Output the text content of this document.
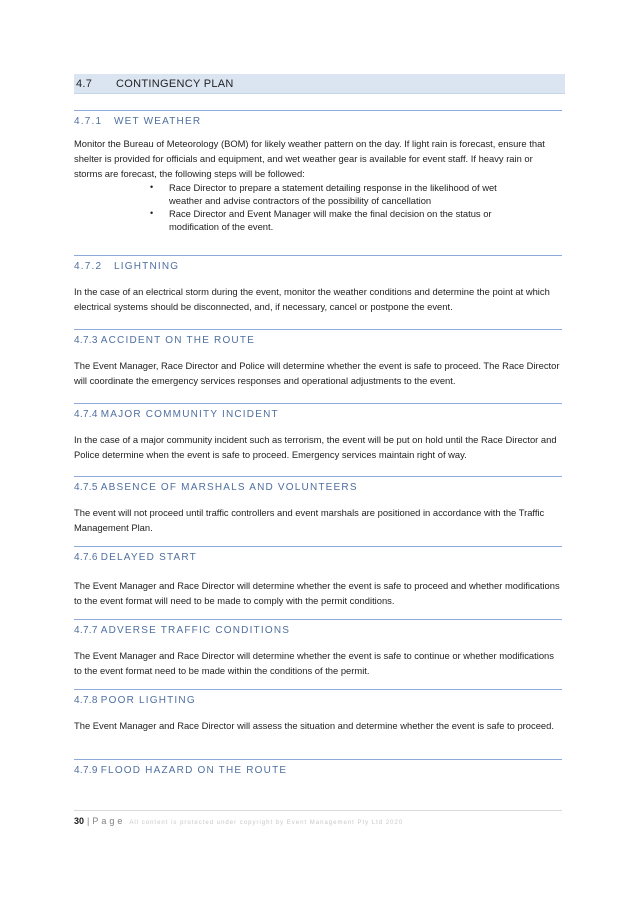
4.7 CONTINGENCY PLAN
4.7.1 WET WEATHER
Monitor the Bureau of Meteorology (BOM) for likely weather pattern on the day. If light rain is forecast, ensure that shelter is provided for officials and equipment, and wet weather gear is available for event staff. If heavy rain or storms are forecast, the following steps will be followed:
• Race Director to prepare a statement detailing response in the likelihood of wet weather and advise contractors of the possibility of cancellation
• Race Director and Event Manager will make the final decision on the status or modification of the event.
4.7.2 LIGHTNING
In the case of an electrical storm during the event, monitor the weather conditions and determine the point at which electrical systems should be disconnected, and, if necessary, cancel or postpone the event.
4.7.3 ACCIDENT ON THE ROUTE
The Event Manager, Race Director and Police will determine whether the event is safe to proceed. The Race Director will coordinate the emergency services responses and operational adjustments to the event.
4.7.4 MAJOR COMMUNITY INCIDENT
In the case of a major community incident such as terrorism, the event will be put on hold until the Race Director and Police determine when the event is safe to proceed. Emergency services maintain right of way.
4.7.5 ABSENCE OF MARSHALS AND VOLUNTEERS
The event will not proceed until traffic controllers and event marshals are positioned in accordance with the Traffic Management Plan.
4.7.6 DELAYED START
The Event Manager and Race Director will determine whether the event is safe to proceed and whether modifications to the event format will need to be made to comply with the permit conditions.
4.7.7 ADVERSE TRAFFIC CONDITIONS
The Event Manager and Race Director will determine whether the event is safe to continue or whether modifications to the event format need to be made within the conditions of the permit.
4.7.8 POOR LIGHTING
The Event Manager and Race Director will assess the situation and determine whether the event is safe to proceed.
4.7.9 FLOOD HAZARD ON THE ROUTE
30 | Page All content is protected under copyright by Event Management Pty Ltd 2020
